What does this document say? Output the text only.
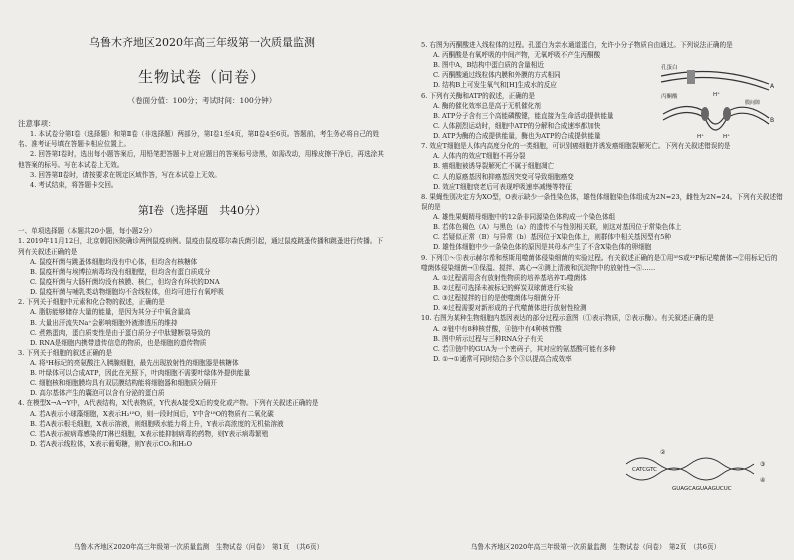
乌鲁木齐地区2020年高三年级第一次质量监测
生物试卷（问卷）
（卷面分值：100分；考试时间：100分钟）
注意事项：

1. 本试卷分第Ⅰ卷（选择题）和第Ⅱ卷（非选择题）两部分，第Ⅰ卷1至4页，第Ⅱ卷4至6页。答题前，考生务必将自己的姓名、准考证号填在答题卡相应位置上。

2. 回答第Ⅰ卷时，选出每小题答案后，用铅笔把答题卡上对应题目的答案标号涂黑，如需改动，用橡皮擦干净后，再选涂其他答案的标号。写在本试卷上无效。

3. 回答第Ⅱ卷时，请按要求在规定区域作答，写在本试卷上无效。

4. 考试结束，将答题卡交回。

第Ⅰ卷（选择题　共40分）
一、单项选择题（本题共20小题，每小题2分）
1. 2019年11月12日，北京朝阳医院确诊两例鼠疫病例。鼠疫由鼠疫耶尔森氏菌引起，通过鼠疫跳蚤传播和跳蚤进行传播。下列有关叙述正确的是
A. 鼠疫杆菌与跳蚤体细胞均没有中心体，但均含有核糖体
B. 鼠疫杆菌与埃博拉病毒均没有细胞壁，但均含有蛋白质成分
C. 鼠疫杆菌与大肠杆菌均没有核膜、核仁，但均含有环状的DNA
D. 鼠疫杆菌与哺乳类动物细胞均不含线粒体，但均可进行有氧呼吸
2. 下列关于细胞中元素和化合物的叙述，正确的是
A. 脂肪能够储存大量的能量，是因为其分子中氧含量高
B. 大量出汗流失Na⁺会影响细胞外液渗透压的维持
C. 煮熟蛋肉，蛋白质变性是由于蛋白质分子中肽键断裂导致的
D. RNA是细胞内携带遗传信息的物质，也是细胞的遗传物质
3. 下列关于细胞的叙述正确的是
A. 将³H标记的亮氨酸注入胰腺细胞，最先出现放射性的细胞器是核糖体
B. 叶绿体可以合成ATP，因此在光照下，叶肉细胞不需要叶绿体外提供能量
C. 细胞核和细胞膜均具有双层膜结构能将细胞器和细胞质分隔开
D. 高尔基体产生的囊泡可以含有分泌的蛋白质
4. 在模型X→A→Y中，A代表结构，X代表物质，Y代表A接受X后的变化或产物。下列有关叙述正确的是
A. 若A表示小球藻细胞，X表示H₂¹⁸O，则一段时间后，Y中含¹⁸O的物质有二氧化碳
B. 若A表示根毛细胞，X表示溶液，则细胞吸水能力将上升，Y表示高浓度的无机盐溶液
C. 若A表示被病毒感染的T淋巴细胞，X表示能抑制病毒的药物，则Y表示病毒繁殖
D. 若A表示线粒体，X表示葡萄糖，则Y表示CO₂和H₂O
乌鲁木齐地区2020年高三年级第一次质量监测　生物试卷（问卷）　第1页　（共6页）
5. 右图为丙酮酸进入线粒体的过程。孔蛋白为亲水通道蛋白，允许小分子物质自由通过。下列说法正确的是
A. 丙酮酸是有氧呼吸的中间产物，无氧呼吸不产生丙酮酸
B. 图中A，B结构中蛋白质的含量相近
C. 丙酮酸通过线粒体内膜和外膜的方式相同
D. 结构B上可发生氧气和[H]生成水的反应
6. 下列有关酶和ATP的叙述，正确的是
A. 酶的催化效率总是高于无机催化剂
B. ATP分子含有三个高能磷酸键，能直接为生命活动提供能量
C. 人体剧烈运动时，细胞中ATP的分解和合成速率都加快
D. ATP为酶的合成提供能量，酶也为ATP的合成提供能量
7. 效应T细胞是人体内高度分化的一类细胞，可识别癌细胞并诱发癌细胞裂解死亡。下列有关叙述错误的是
A. 人体内的效应T细胞不再分裂
B. 癌细胞被诱导裂解死亡不属于细胞凋亡
C. 人的原癌基因和抑癌基因突变可导致细胞癌变
D. 效应T细胞衰老后可表现呼吸速率减慢等特征
8. 果蝇性别决定方为XO型，O表示缺少一条性染色体，雄性体细胞染色体组成为2N=23，雌性为2N=24。下列有关叙述错误的是
A. 雄性果蝇精母细胞中的12条非同源染色体构成一个染色体组
B. 若体色褐色（A）与黑色（a）的遗传不与性别相关联，则这对基因位于常染色体上
C. 若疑似正常（B）与异常（b）基因位于X染色体上，则群体中相关基因型有5种
D. 雄性体细胞中少一条染色体的原因是其母本产生了不含X染色体的卵细胞
9. 下列①～⑤表示赫尔希和蔡斯用噬菌体侵染细菌的实验过程。有关叙述正确的是①用³⁵S或³²P标记噬菌体→②用标记后的噬菌体侵染细菌→③保温、搅拌、离心→④测上清液和沉淀物中的放射性→⑤……
A. ①过程需用含有放射性物质的培养基培养T₂噬菌体
B. ②过程可选择未被标记的鲜炭双球菌进行实验
C. ③过程搅拌的目的是使噬菌体与细菌分开
D. ④过程需要对新形成的子代噬菌体进行放射性检测
10. 右图为某种生物细胞内基因表达的部分过程示意图（①表示物质，②表示酶）。有关叙述正确的是
A. ②链中有8种核苷酸，④链中有4种核苷酸
B. 图中所示过程与三种RNA分子有关
C. 若③链中的GUA为一个密码子，其对应的氨基酸可能有多种
D. ①→①通常可同时结合多个③以提高合成效率
孔蛋白
丙酮酸	H⁺
A
B
膜间隙
H⁺	H⁺
②
③
④
CATCGTC
GUAGCAGUAAGUCUC
乌鲁木齐地区2020年高三年级第一次质量监测　生物试卷（问卷）　第2页　（共6页）
